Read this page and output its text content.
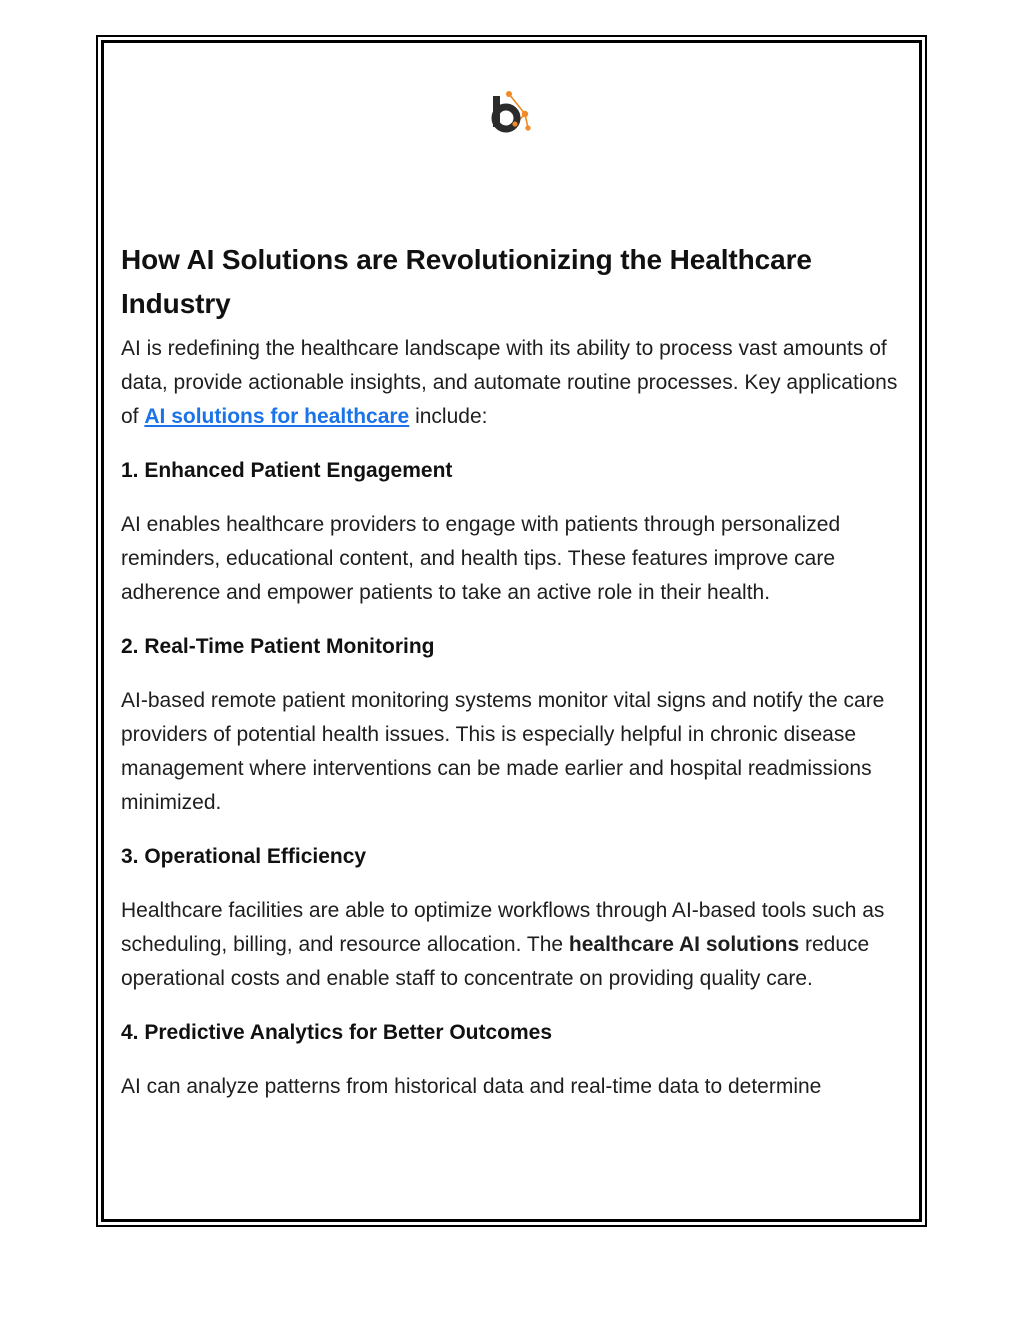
How AI Solutions are Revolutionizing the Healthcare Industry

AI is redefining the healthcare landscape with its ability to process vast amounts of data, provide actionable insights, and automate routine processes. Key applications of AI solutions for healthcare include:

1. Enhanced Patient Engagement

AI enables healthcare providers to engage with patients through personalized reminders, educational content, and health tips. These features improve care adherence and empower patients to take an active role in their health.

2. Real-Time Patient Monitoring

AI-based remote patient monitoring systems monitor vital signs and notify the care providers of potential health issues. This is especially helpful in chronic disease management where interventions can be made earlier and hospital readmissions minimized.

3. Operational Efficiency

Healthcare facilities are able to optimize workflows through AI-based tools such as scheduling, billing, and resource allocation. The healthcare AI solutions reduce operational costs and enable staff to concentrate on providing quality care.

4. Predictive Analytics for Better Outcomes

AI can analyze patterns from historical data and real-time data to determine
